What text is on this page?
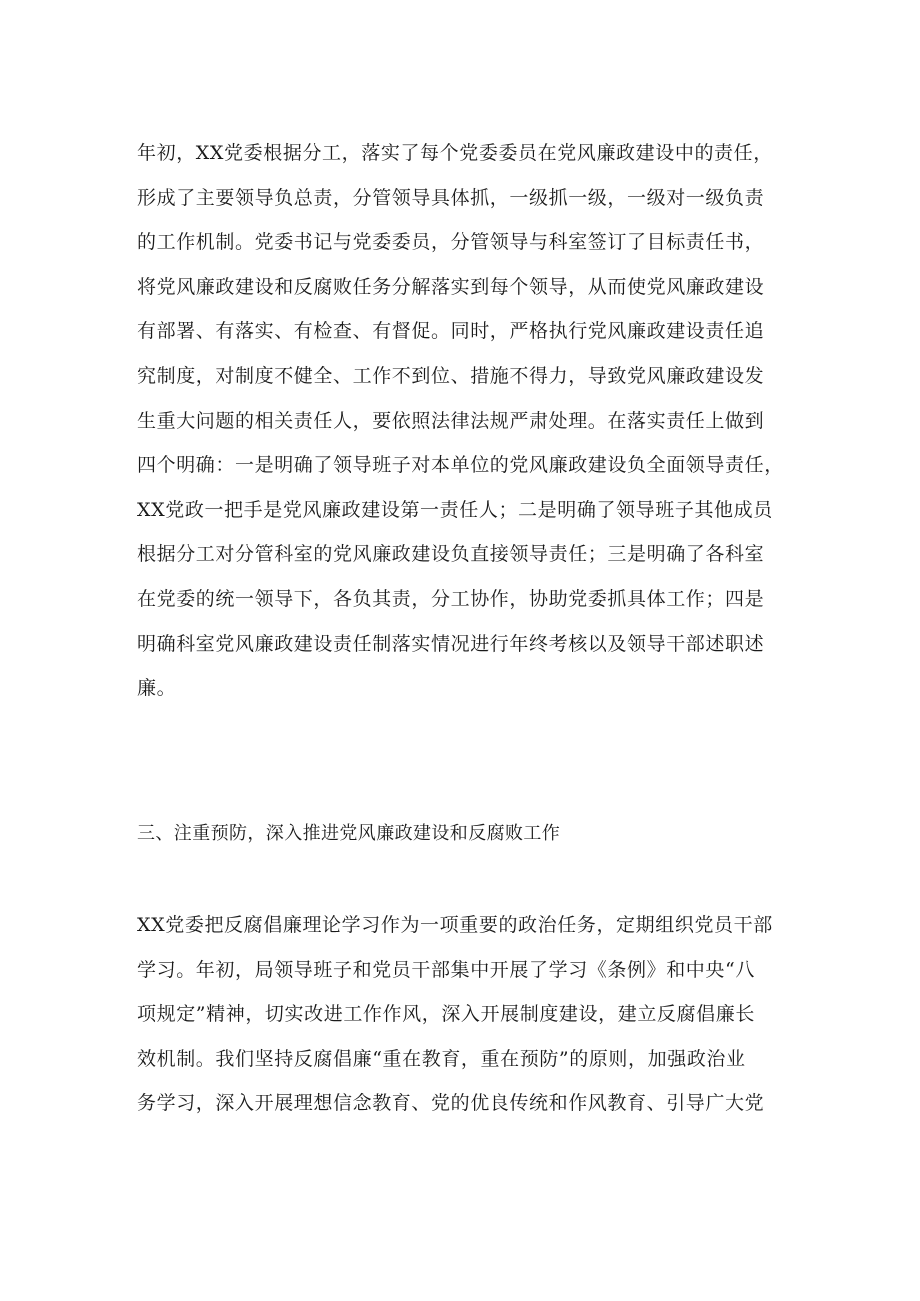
年初，XX党委根据分工，落实了每个党委委员在党风廉政建设中的责任，
形成了主要领导负总责，分管领导具体抓，一级抓一级，一级对一级负责
的工作机制。党委书记与党委委员，分管领导与科室签订了目标责任书，
将党风廉政建设和反腐败任务分解落实到每个领导，从而使党风廉政建设
有部署、有落实、有检查、有督促。同时，严格执行党风廉政建设责任追
究制度，对制度不健全、工作不到位、措施不得力，导致党风廉政建设发
生重大问题的相关责任人，要依照法律法规严肃处理。在落实责任上做到
四个明确：一是明确了领导班子对本单位的党风廉政建设负全面领导责任，
XX党政一把手是党风廉政建设第一责任人；二是明确了领导班子其他成员
根据分工对分管科室的党风廉政建设负直接领导责任；三是明确了各科室
在党委的统一领导下，各负其责，分工协作，协助党委抓具体工作；四是
明确科室党风廉政建设责任制落实情况进行年终考核以及领导干部述职述
廉。
三、注重预防，深入推进党风廉政建设和反腐败工作
XX党委把反腐倡廉理论学习作为一项重要的政治任务，定期组织党员干部
学习。年初，局领导班子和党员干部集中开展了学习《条例》和中央“八
项规定”精神，切实改进工作作风，深入开展制度建设，建立反腐倡廉长
效机制。我们坚持反腐倡廉“重在教育，重在预防”的原则，加强政治业
务学习，深入开展理想信念教育、党的优良传统和作风教育、引导广大党
